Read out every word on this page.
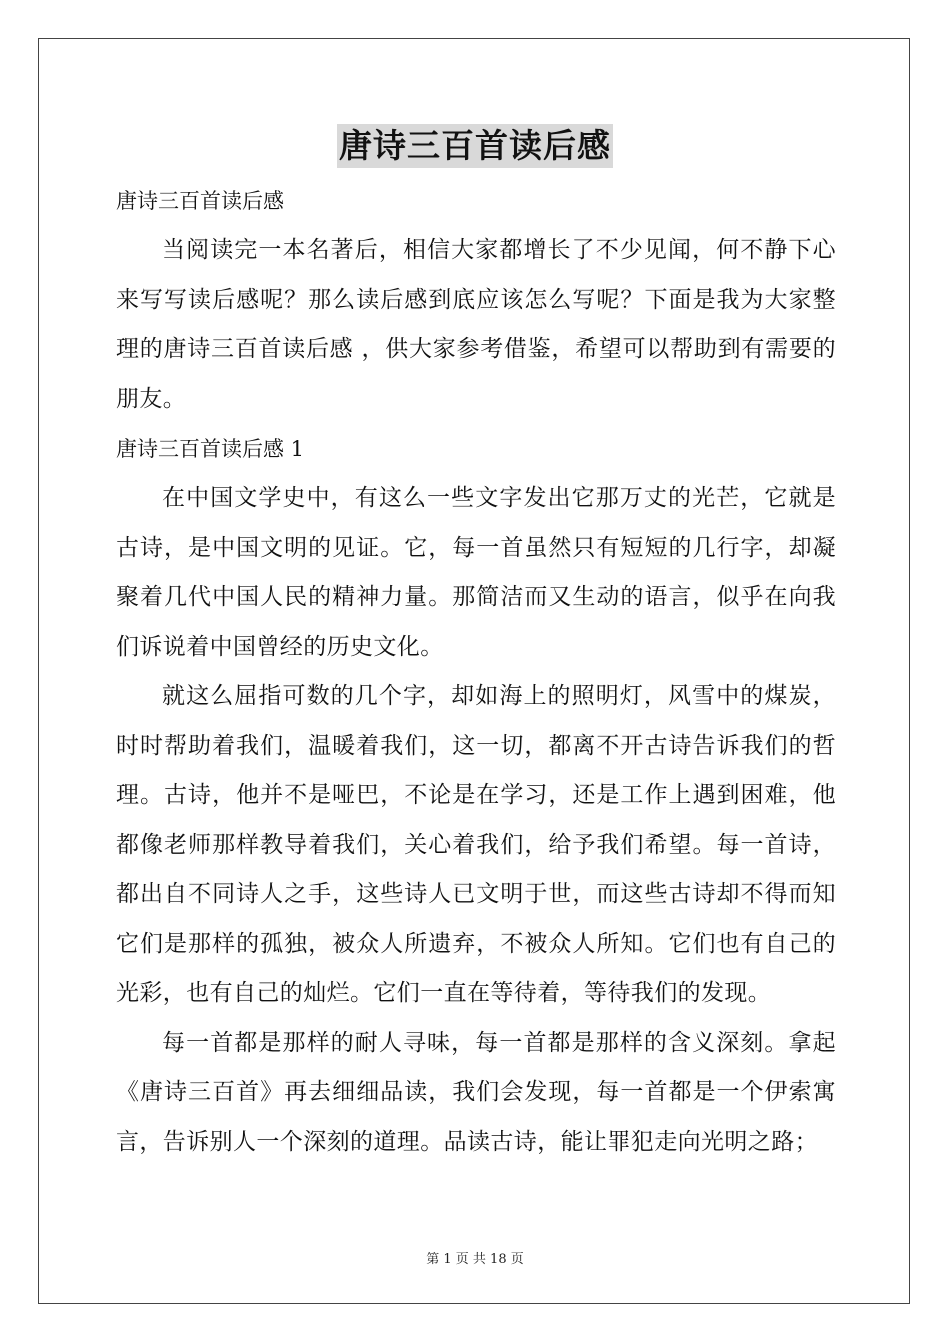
唐诗三百首读后感

唐诗三百首读后感

当阅读完一本名著后，相信大家都增长了不少见闻，何不静下心来写写读后感呢？那么读后感到底应该怎么写呢？下面是我为大家整理的唐诗三百首读后感 ，供大家参考借鉴，希望可以帮助到有需要的朋友。

唐诗三百首读后感 1

在中国文学史中，有这么一些文字发出它那万丈的光芒，它就是古诗，是中国文明的见证。它，每一首虽然只有短短的几行字，却凝聚着几代中国人民的精神力量。那简洁而又生动的语言，似乎在向我们诉说着中国曾经的历史文化。

就这么屈指可数的几个字，却如海上的照明灯，风雪中的煤炭，时时帮助着我们，温暖着我们，这一切，都离不开古诗告诉我们的哲理。古诗，他并不是哑巴，不论是在学习，还是工作上遇到困难，他都像老师那样教导着我们，关心着我们，给予我们希望。每一首诗，都出自不同诗人之手，这些诗人已文明于世，而这些古诗却不得而知它们是那样的孤独，被众人所遗弃，不被众人所知。它们也有自己的光彩，也有自己的灿烂。它们一直在等待着，等待我们的发现。

每一首都是那样的耐人寻味，每一首都是那样的含义深刻。拿起《唐诗三百首》再去细细品读，我们会发现，每一首都是一个伊索寓言，告诉别人一个深刻的道理。品读古诗，能让罪犯走向光明之路；

第 1 页 共 18 页
